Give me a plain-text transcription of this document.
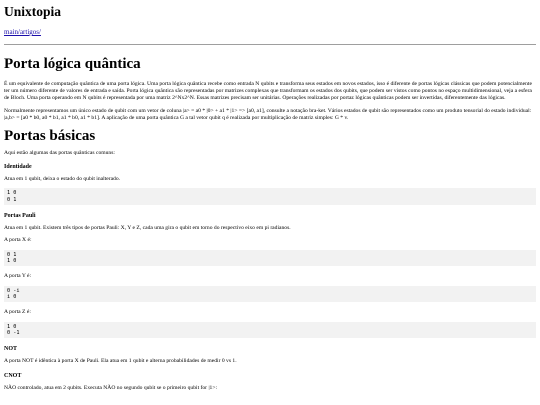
Unixtopia
main/artigos/
Porta lógica quântica

É um equivalente de computação quântica de uma porta lógica. Uma porta lógica quântica recebe como entrada N qubits e transforma seus estados em novos estados, isso é diferente de portas lógicas clássicas que podem potencialmente ter um número diferente de valores de entrada e saída. Porta lógica quântica são representadas por matrizes complexas que transformam os estados dos qubits, que podem ser vistos como pontos no espaço multidimensional, veja a esfera de Bloch. Uma porta operando em N qubits é representada por uma matriz 2^Nx2^N. Essas matrizes precisam ser unitárias. Operações realizadas por portaz lógicas quânticas podem ser invertidas, diferentemente das lógicas.

Normalmente representamos um único estado de qubit com um vetor de coluna |a> = a0 * |0> + a1 * |1> => [a0, a1], consulte a notação bra-ket. Vários estados de qubit são representados como um produto tensorial do estado individual: |a,b> = [a0 * b0, a0 * b1, a1 * b0, a1 * b1]. A aplicação de uma porta quântica G a tal vetor qubit q é realizada por multiplicação de matriz simples: G * v.

Portas básicas

Aqui estão algumas das portas quânticas comuns:

Identidade

Atua em 1 qubit, deixa o estado do qubit inalterado.

1 0
0 1
Portas Pauli

Atua em 1 qubit. Existem três tipos de portas Pauli: X, Y e Z, cada uma gira o qubit em torno do respectivo eixo em pi radianos.

A porta X é:

0 1
1 0

A porta Y é:

0 -i
i 0

A porta Z é:

1 0
0 -1
NOT

A porta NOT é idêntica à porta X de Pauli. Ela atua em 1 qubit e alterna probabilidades de medir 0 vs 1.

CNOT

NÃO controlado, atua em 2 qubits. Executa NÃO no segundo qubit se o primeiro qubit for |1>:
